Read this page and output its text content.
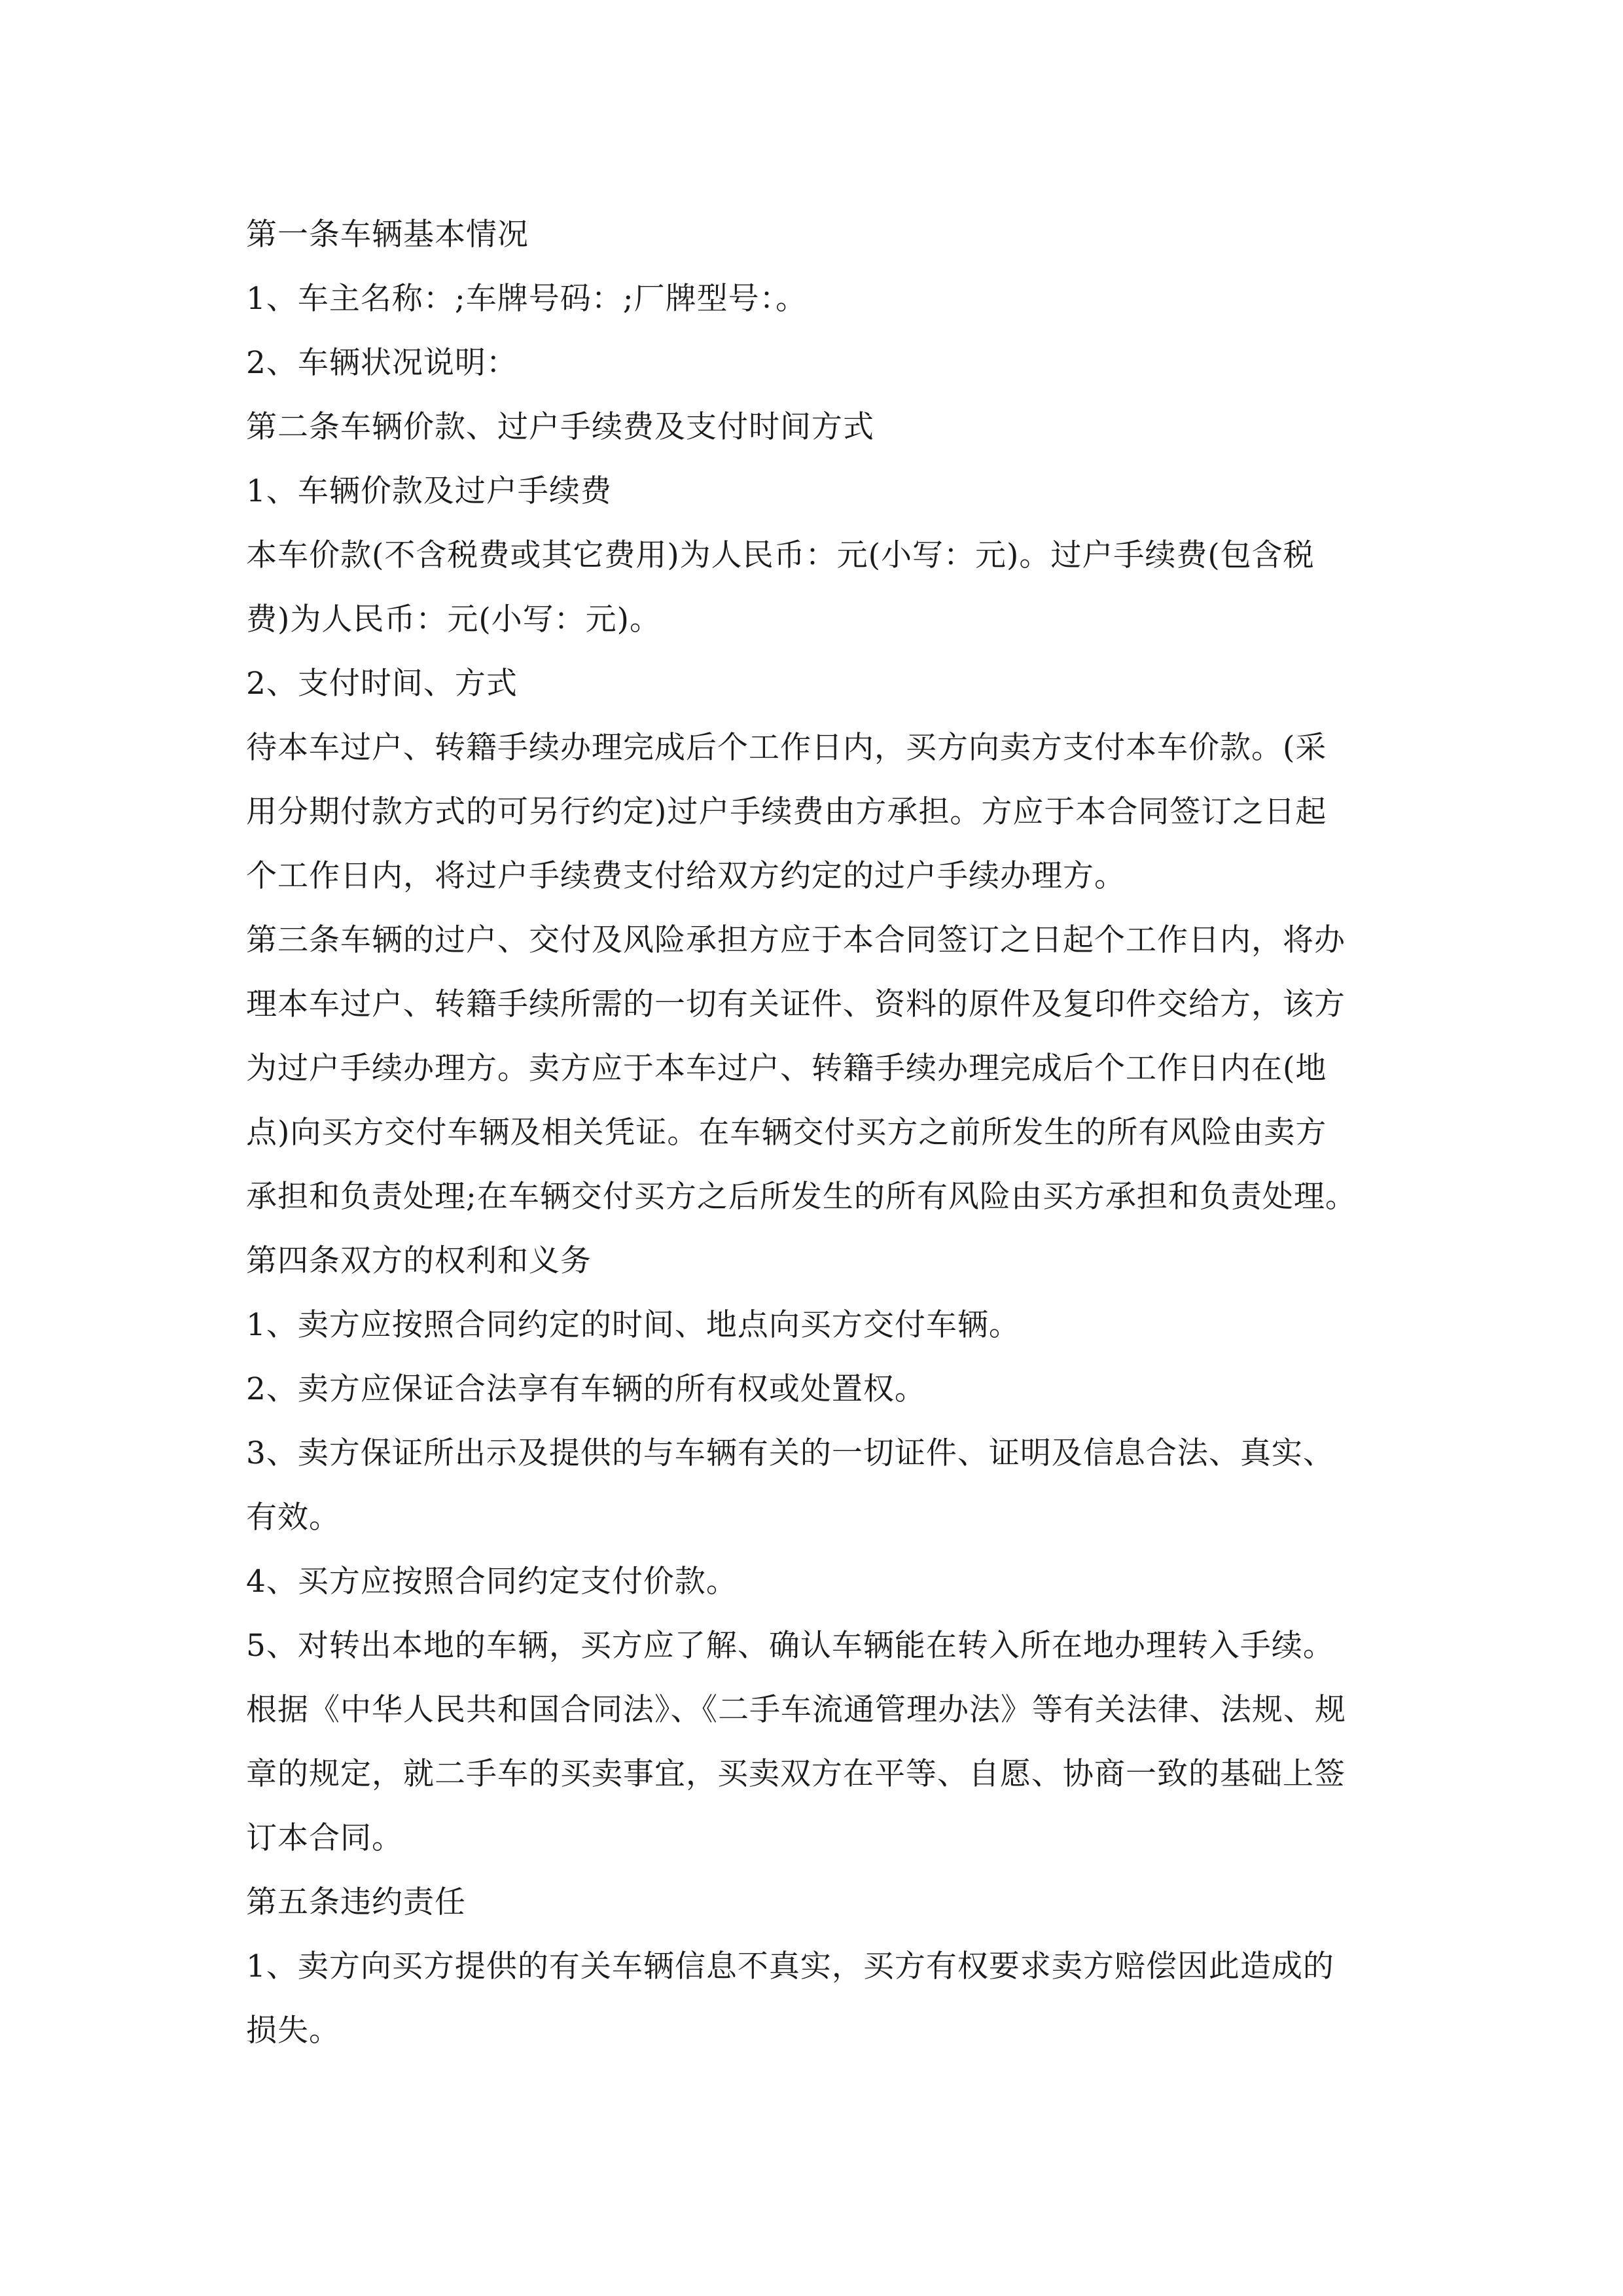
第一条车辆基本情况
1、车主名称：;车牌号码：;厂牌型号：。
2、车辆状况说明：
第二条车辆价款、过户手续费及支付时间方式
1、车辆价款及过户手续费
本车价款(不含税费或其它费用)为人民币：元(小写：元)。过户手续费(包含税
费)为人民币：元(小写：元)。
2、支付时间、方式
待本车过户、转籍手续办理完成后个工作日内，买方向卖方支付本车价款。(采
用分期付款方式的可另行约定)过户手续费由方承担。方应于本合同签订之日起
个工作日内，将过户手续费支付给双方约定的过户手续办理方。
第三条车辆的过户、交付及风险承担方应于本合同签订之日起个工作日内，将办
理本车过户、转籍手续所需的一切有关证件、资料的原件及复印件交给方，该方
为过户手续办理方。卖方应于本车过户、转籍手续办理完成后个工作日内在(地
点)向买方交付车辆及相关凭证。在车辆交付买方之前所发生的所有风险由卖方
承担和负责处理;在车辆交付买方之后所发生的所有风险由买方承担和负责处理。
第四条双方的权利和义务
1、卖方应按照合同约定的时间、地点向买方交付车辆。
2、卖方应保证合法享有车辆的所有权或处置权。
3、卖方保证所出示及提供的与车辆有关的一切证件、证明及信息合法、真实、
有效。
4、买方应按照合同约定支付价款。
5、对转出本地的车辆，买方应了解、确认车辆能在转入所在地办理转入手续。
根据《中华人民共和国合同法》、《二手车流通管理办法》等有关法律、法规、规
章的规定，就二手车的买卖事宜，买卖双方在平等、自愿、协商一致的基础上签
订本合同。
第五条违约责任
1、卖方向买方提供的有关车辆信息不真实，买方有权要求卖方赔偿因此造成的
损失。
